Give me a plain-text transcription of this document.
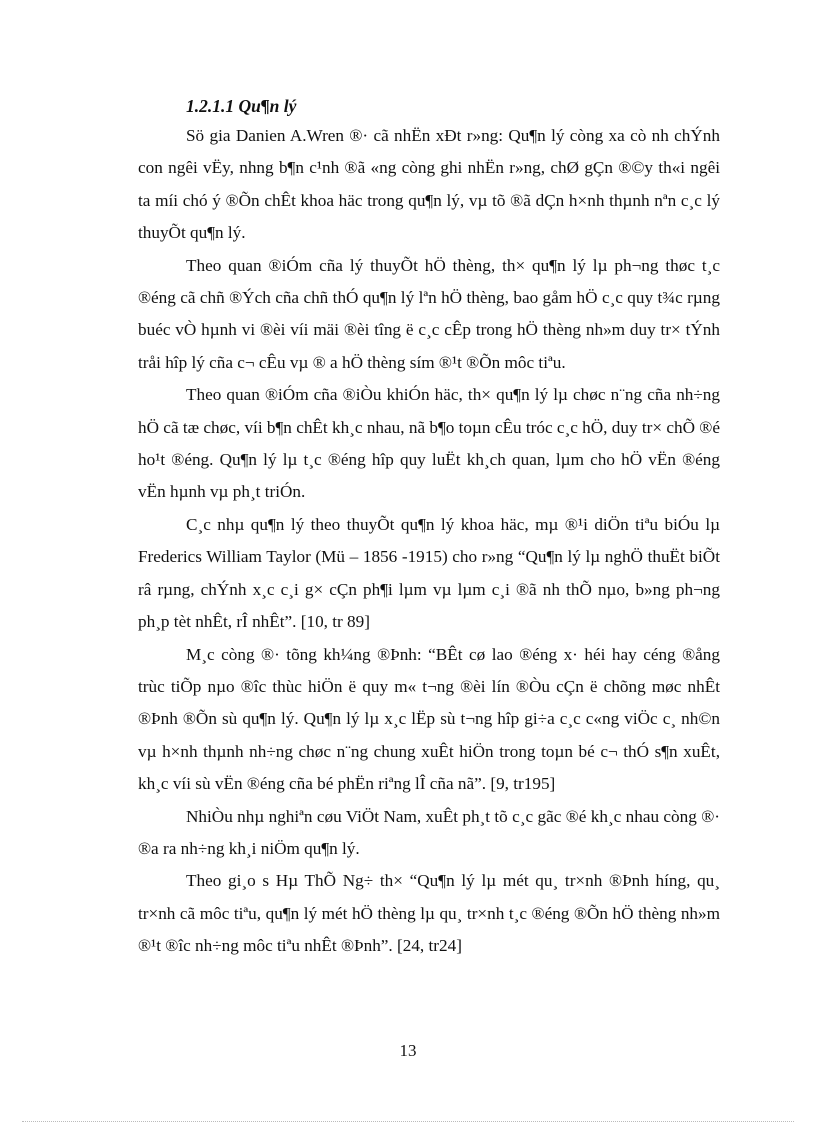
1.2.1.1 Qu¶n lý

Sö gia Danien A.Wren ®· cã nhËn xÐt r»ng: Qu¶n lý còng xa cò nh chÝnh con ngêi vËy, nhng b¶n c¹nh ®ã «ng còng ghi nhËn r»ng, chØ gÇn ®©y th«i ngêi ta míi chó ý ®Õn chÊt khoa häc trong qu¶n lý, vµ tõ ®ã dÇn h×nh thµnh nªn c¸c lý thuyÕt qu¶n lý.

Theo quan ®iÓm cña lý thuyÕt hÖ thèng, th× qu¶n lý lµ ph¬ng thøc t¸c ®éng cã chñ ®Ých cña chñ thÓ qu¶n lý lªn hÖ thèng, bao gåm hÖ c¸c quy t¾c rµng buéc vÒ hµnh vi ®èi víi mäi ®èi tîng ë c¸c cÊp trong hÖ thèng nh»m duy tr× tÝnh tråi hîp lý cña c¬ cÊu vµ ® a hÖ thèng sím ®¹t ®Õn môc tiªu.

Theo quan ®iÓm cña ®iÒu khiÓn häc, th× qu¶n lý lµ chøc n¨ng cña nh÷ng hÖ cã tæ chøc, víi b¶n chÊt kh¸c nhau, nã b¶o toµn cÊu tróc c¸c hÖ, duy tr× chÕ ®é ho¹t ®éng. Qu¶n lý lµ t¸c ®éng hîp quy luËt kh¸ch quan, lµm cho hÖ vËn ®éng vËn hµnh vµ ph¸t triÓn.

C¸c nhµ qu¶n lý theo thuyÕt qu¶n lý khoa häc, mµ ®¹i diÖn tiªu biÓu lµ Frederics William Taylor (Mü – 1856 -1915) cho r»ng “Qu¶n lý lµ nghÖ thuËt biÕt râ rµng, chÝnh x¸c c¸i g× cÇn ph¶i lµm vµ lµm c¸i ®ã nh thÕ nµo, b»ng ph¬ng ph¸p tèt nhÊt, rÎ nhÊt”. [10, tr 89]

M¸c còng ®· tõng kh¼ng ®Þnh: “BÊt cø lao ®éng x· héi hay céng ®ång trùc tiÕp nµo ®îc thùc hiÖn ë quy m« t¬ng ®èi lín ®Òu cÇn ë chõng møc nhÊt ®Þnh ®Õn sù qu¶n lý. Qu¶n lý lµ x¸c lËp sù t¬ng hîp gi÷a c¸c c«ng viÖc c¸ nh©n vµ h×nh thµnh nh÷ng chøc n¨ng chung xuÊt hiÖn trong toµn bé c¬ thÓ s¶n xuÊt, kh¸c víi sù vËn ®éng cña bé phËn riªng lÎ cña nã”. [9, tr195]

NhiÒu nhµ nghiªn cøu ViÖt Nam, xuÊt ph¸t tõ c¸c gãc ®é kh¸c nhau còng ®· ®a ra nh÷ng kh¸i niÖm qu¶n lý.

Theo gi¸o s Hµ ThÕ Ng÷ th× “Qu¶n lý lµ mét qu¸ tr×nh ®Þnh híng, qu¸ tr×nh cã môc tiªu, qu¶n lý mét hÖ thèng lµ qu¸ tr×nh t¸c ®éng ®Õn hÖ thèng nh»m ®¹t ®îc nh÷ng môc tiªu nhÊt ®Þnh”. [24, tr24]

13
